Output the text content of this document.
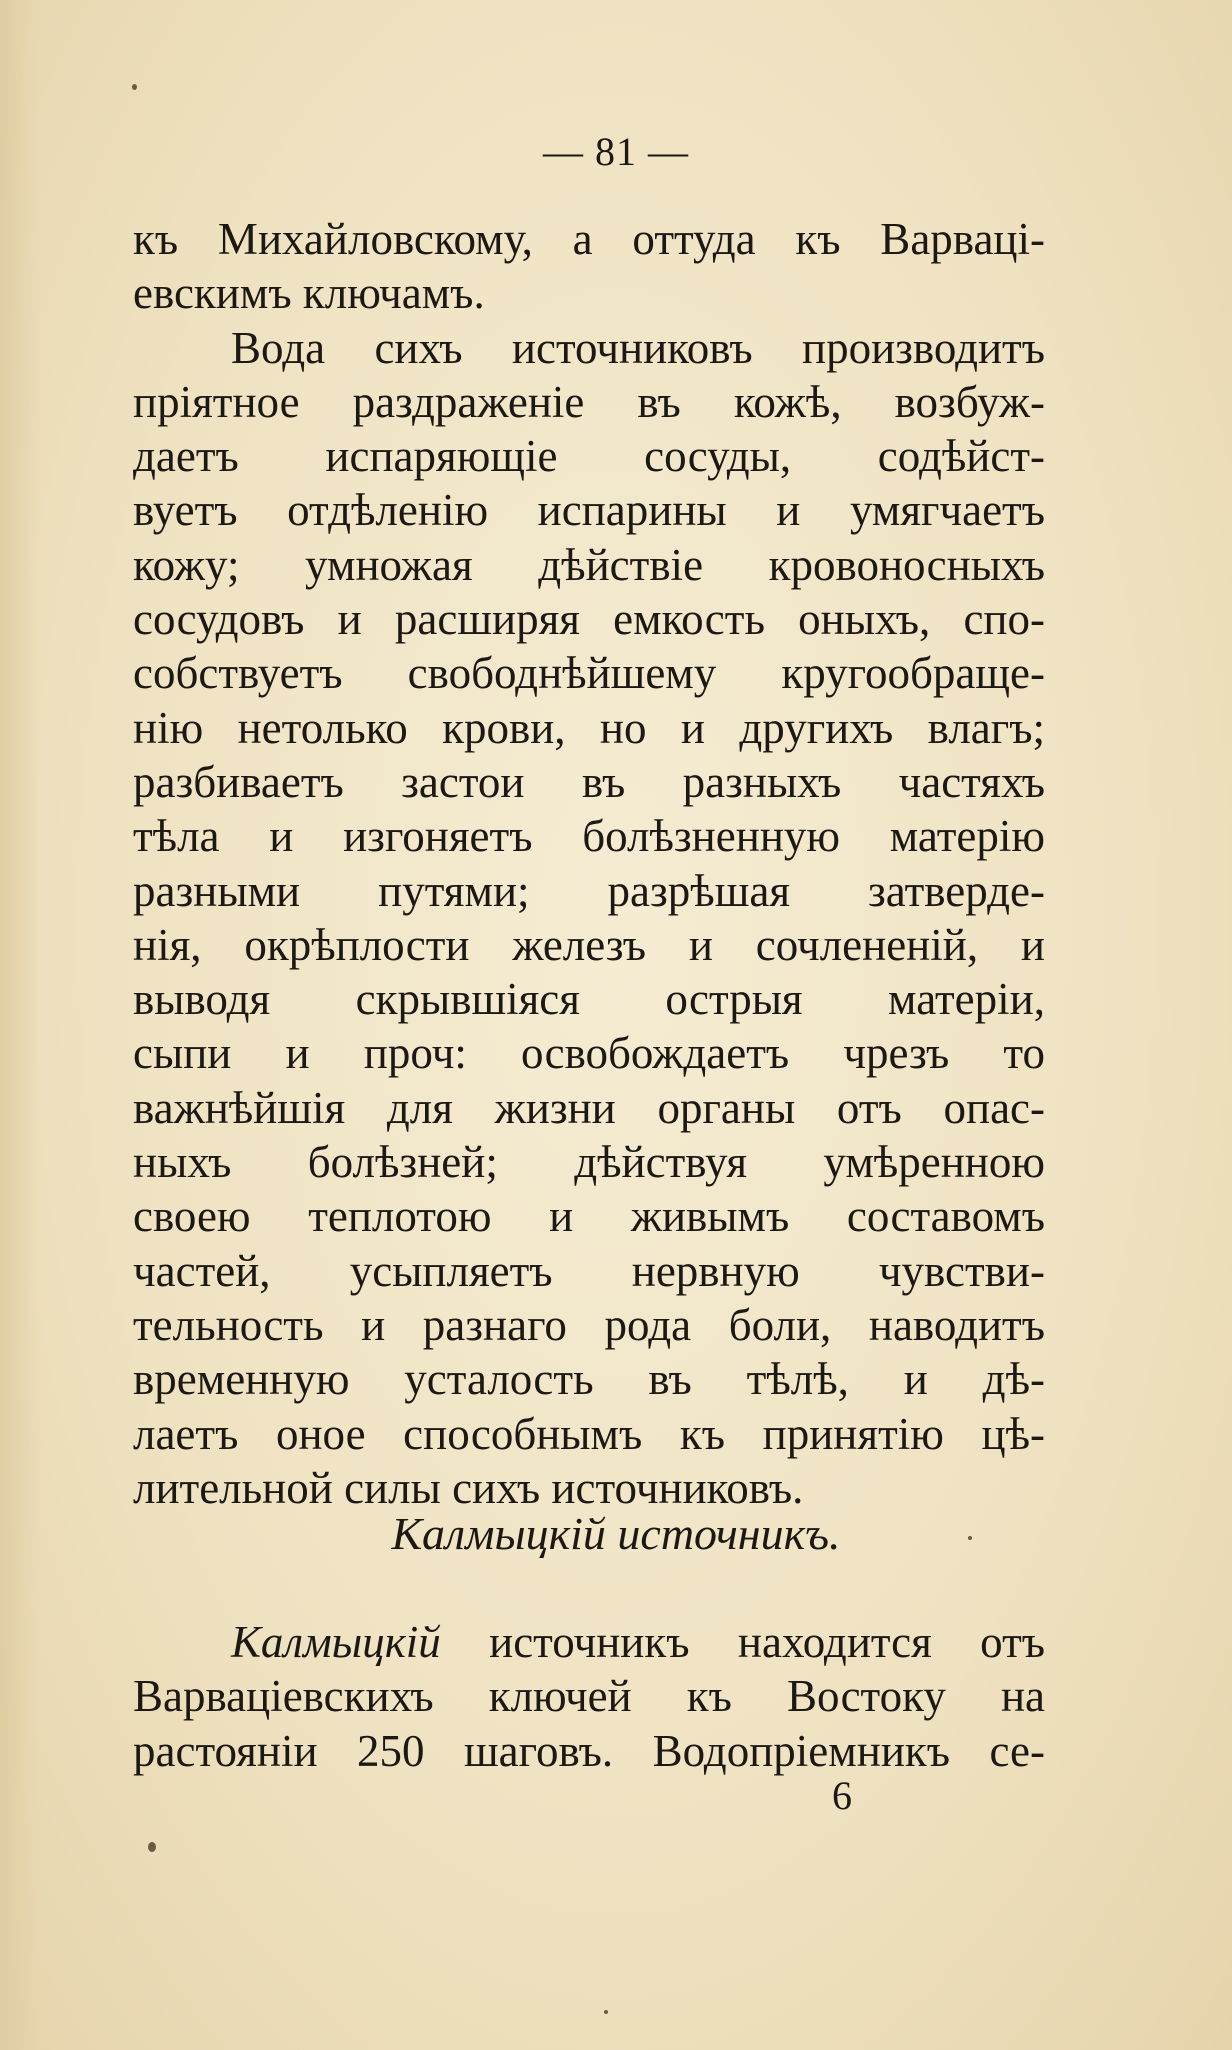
— 81 —
къ Михайловскому, а оттуда къ Варваці-
евскимъ ключамъ.
Вода сихъ источниковъ производитъ
пріятное раздраженіе въ кожѣ, возбуж-
даетъ испаряющіе сосуды, содѣйст-
вуетъ отдѣленію испарины и умягчаетъ
кожу; умножая дѣйствіе кровоносныхъ
сосудовъ и расширяя емкость оныхъ, спо-
собствуетъ свободнѣйшему кругообраще-
нію нетолько крови, но и другихъ влагъ;
разбиваетъ застои въ разныхъ частяхъ
тѣла и изгоняетъ болѣзненную матерію
разными путями; разрѣшая затверде-
нія, окрѣплости железъ и сочлененій, и
выводя скрывшіяся острыя матеріи,
сыпи и проч: освобождаетъ чрезъ то
важнѣйшія для жизни органы отъ опас-
ныхъ болѣзней; дѣйствуя умѣренною
своею теплотою и живымъ составомъ
частей, усыпляетъ нервную чувстви-
тельность и разнаго рода боли, наводитъ
временную усталость въ тѣлѣ, и дѣ-
лаетъ оное способнымъ къ принятію цѣ-
лительной силы сихъ источниковъ.
Калмыцкій источникъ.
Калмыцкій источникъ находится отъ
Варваціевскихъ ключей къ Востоку на
растояніи 250 шаговъ. Водопріемникъ се-
6
